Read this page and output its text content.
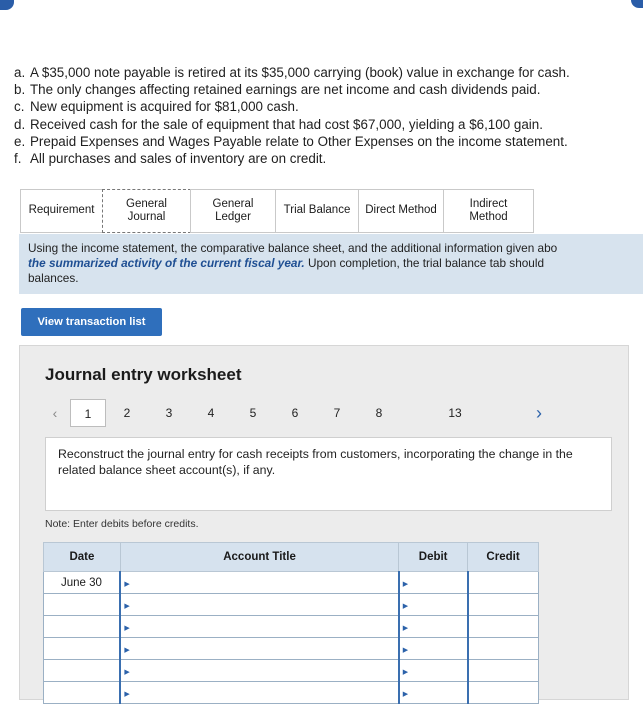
a. A $35,000 note payable is retired at its $35,000 carrying (book) value in exchange for cash.
b. The only changes affecting retained earnings are net income and cash dividends paid.
c. New equipment is acquired for $81,000 cash.
d. Received cash for the sale of equipment that had cost $67,000, yielding a $6,100 gain.
e. Prepaid Expenses and Wages Payable relate to Other Expenses on the income statement.
f. All purchases and sales of inventory are on credit.
Requirement
General Journal
General Ledger
Trial Balance	Direct Method
Indirect Method
Using the income statement, the comparative balance sheet, and the additional information given abo
the summarized activity of the current fiscal year. Upon completion, the trial balance tab should
balances.
View transaction list
Journal entry worksheet
‹	1	2	3	4	5	6	7	8	13	›
Reconstruct the journal entry for cash receipts from customers, incorporating the change in the related balance sheet account(s), if any.
Note: Enter debits before credits.
Date	Account Title	Debit	Credit
June 30	▶	▶	
	▶	▶	
	▶	▶	
	▶	▶	
	▶	▶	
	▶	▶	
